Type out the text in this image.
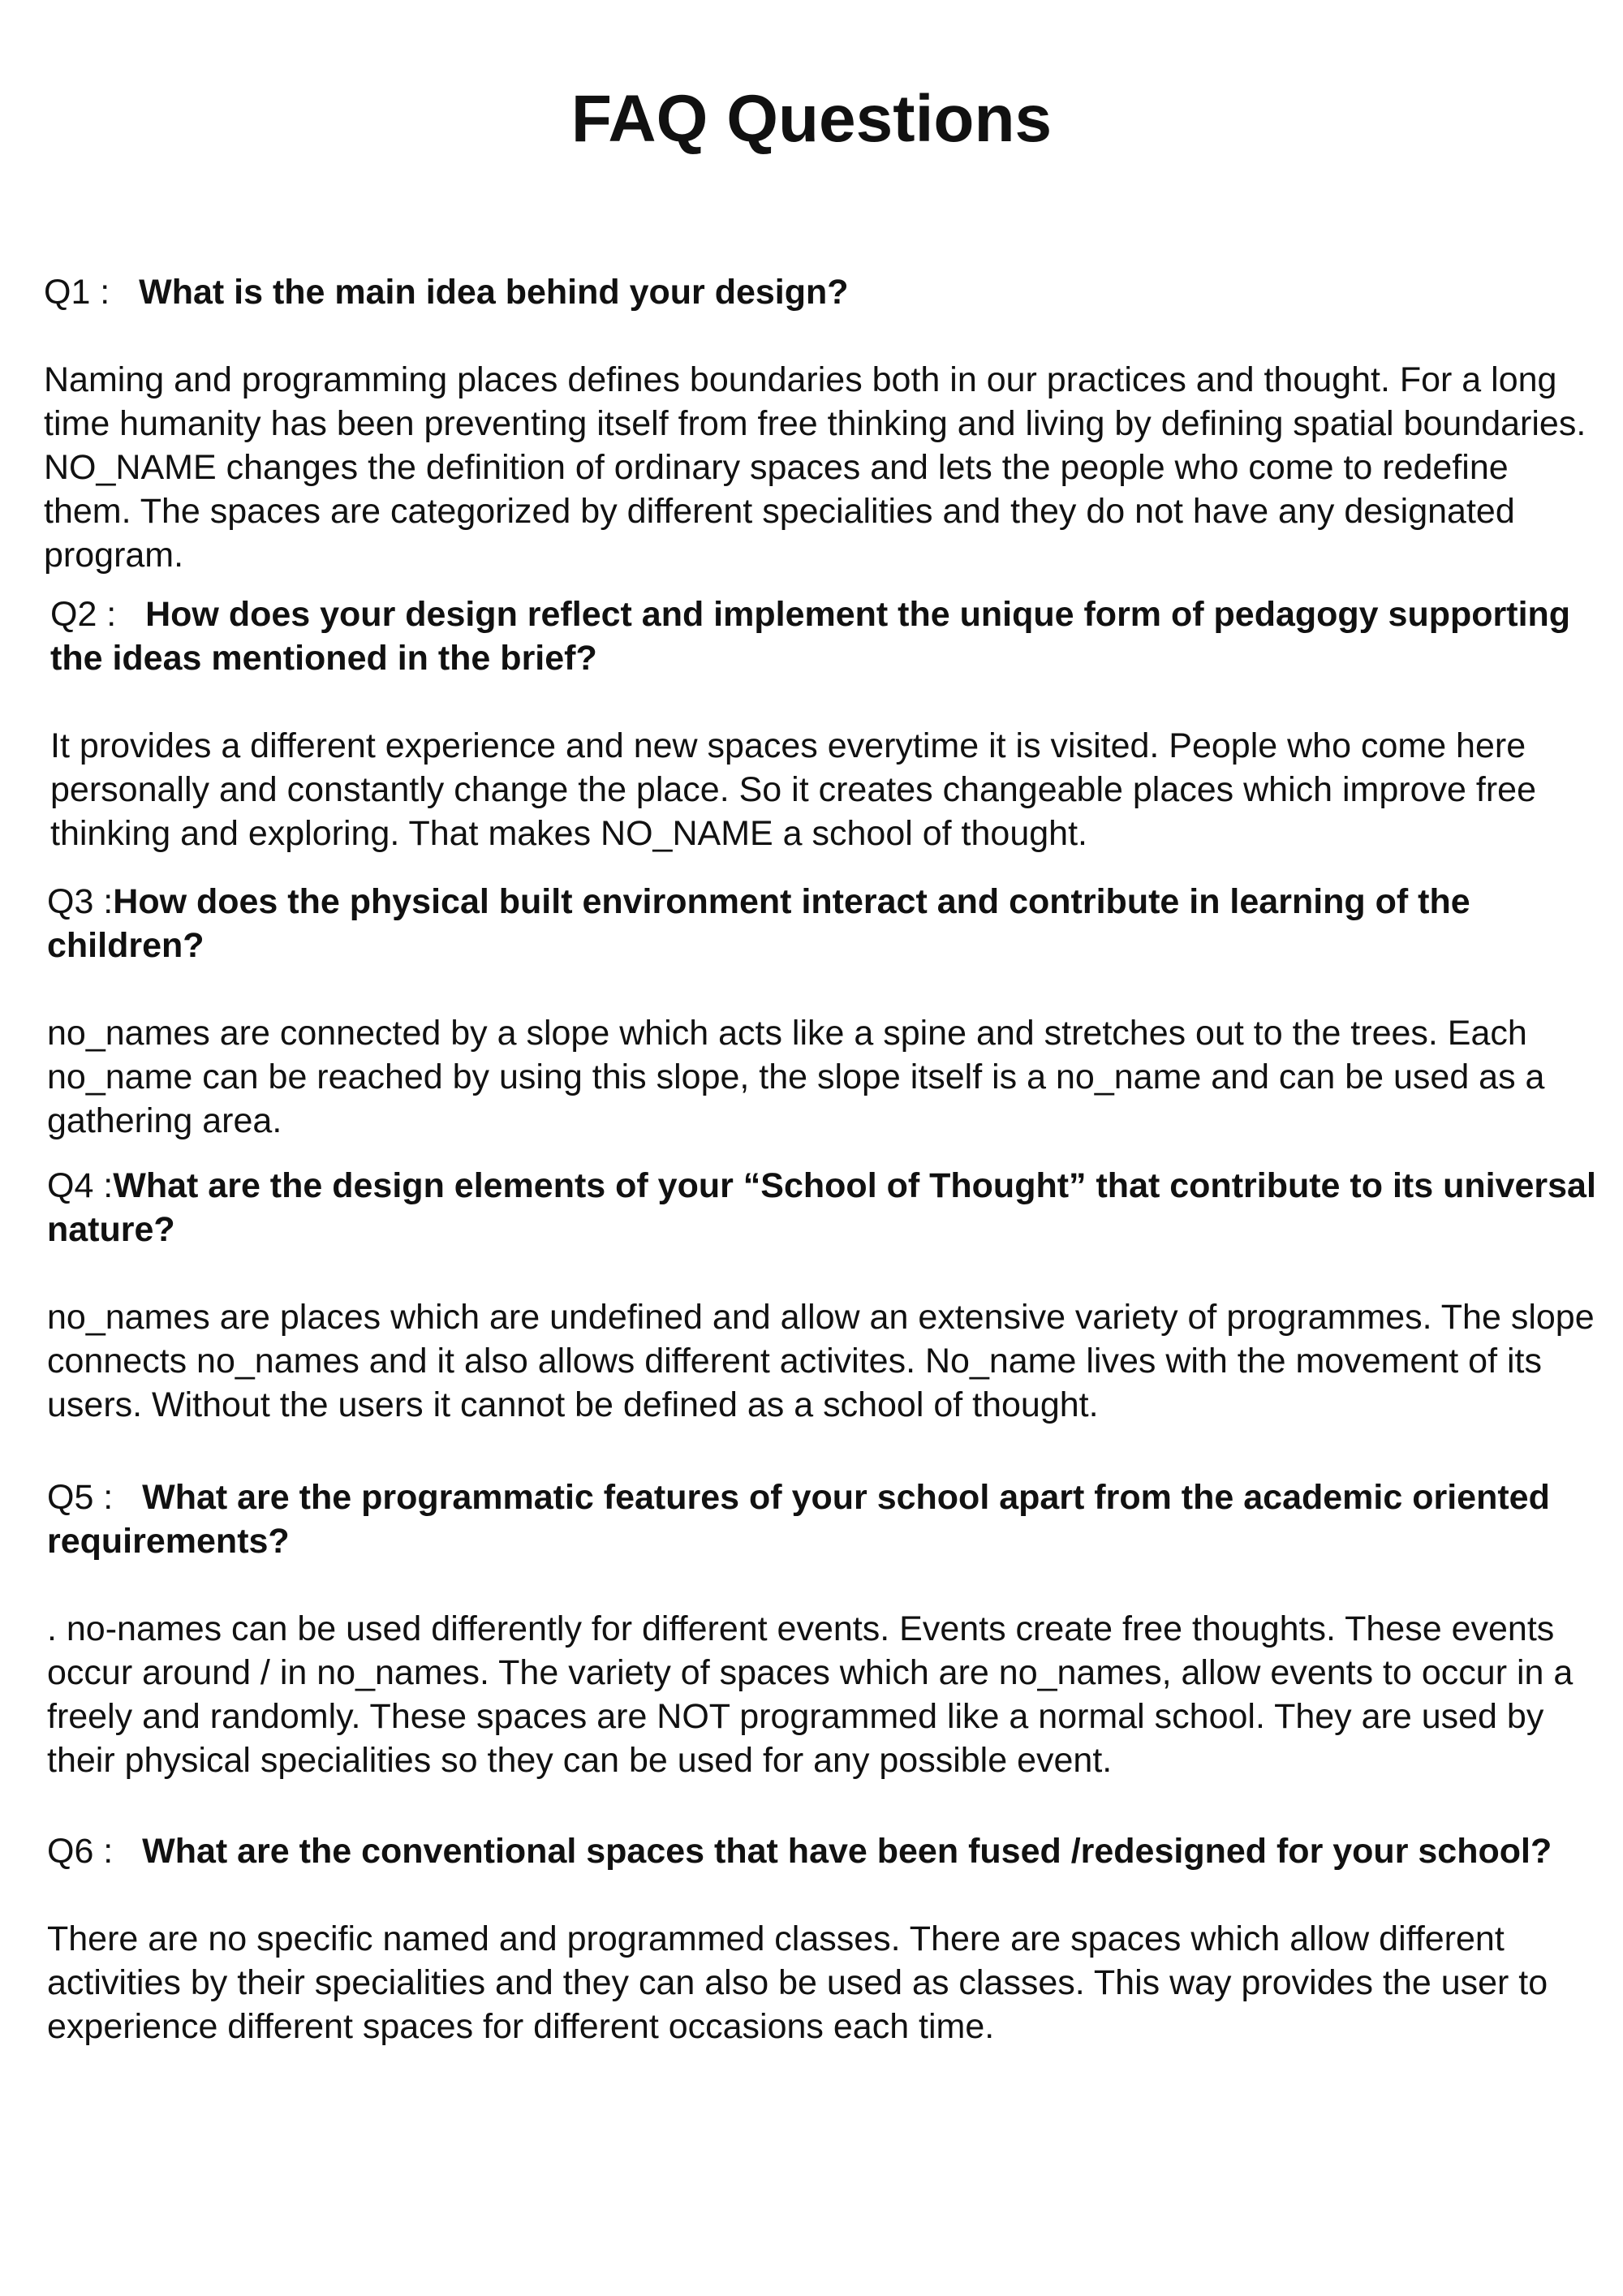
FAQ Questions

Q1 : What is the main idea behind your design?

Naming and programming places defines boundaries both in our practices and thought. For a long time humanity has been preventing itself from free thinking and living by defining spatial boundaries. NO_NAME changes the definition of ordinary spaces and lets the people who come to redefine them. The spaces are categorized by different specialities and they do not have any designated program.

Q2 : How does your design reflect and implement the unique form of pedagogy supporting the ideas mentioned in the brief?

It provides a different experience and new spaces everytime it is visited. People who come here personally and constantly change the place. So it creates changeable places which improve free thinking and exploring. That makes NO_NAME a school of thought.

Q3 :How does the physical built environment interact and contribute in learning of the children?

no_names are connected by a slope which acts like a spine and stretches out to the trees. Each no_name can be reached by using this slope, the slope itself is a no_name and can be used as a gathering area.

Q4 :What are the design elements of your “School of Thought” that contribute to its universal nature?

no_names are places which are undefined and allow an extensive variety of programmes. The slope connects no_names and it also allows different activites. No_name lives with the movement of its users. Without the users it cannot be defined as a school of thought.

Q5 : What are the programmatic features of your school apart from the academic oriented requirements?

. no-names can be used differently for different events. Events create free thoughts. These events occur around / in no_names. The variety of spaces which are no_names, allow events to occur in a freely and randomly. These spaces are NOT programmed like a normal school. They are used by their physical specialities so they can be used for any possible event.

Q6 : What are the conventional spaces that have been fused /redesigned for your school?

There are no specific named and programmed classes. There are spaces which allow different activities by their specialities and they can also be used as classes. This way provides the user to experience different spaces for different occasions each time.
